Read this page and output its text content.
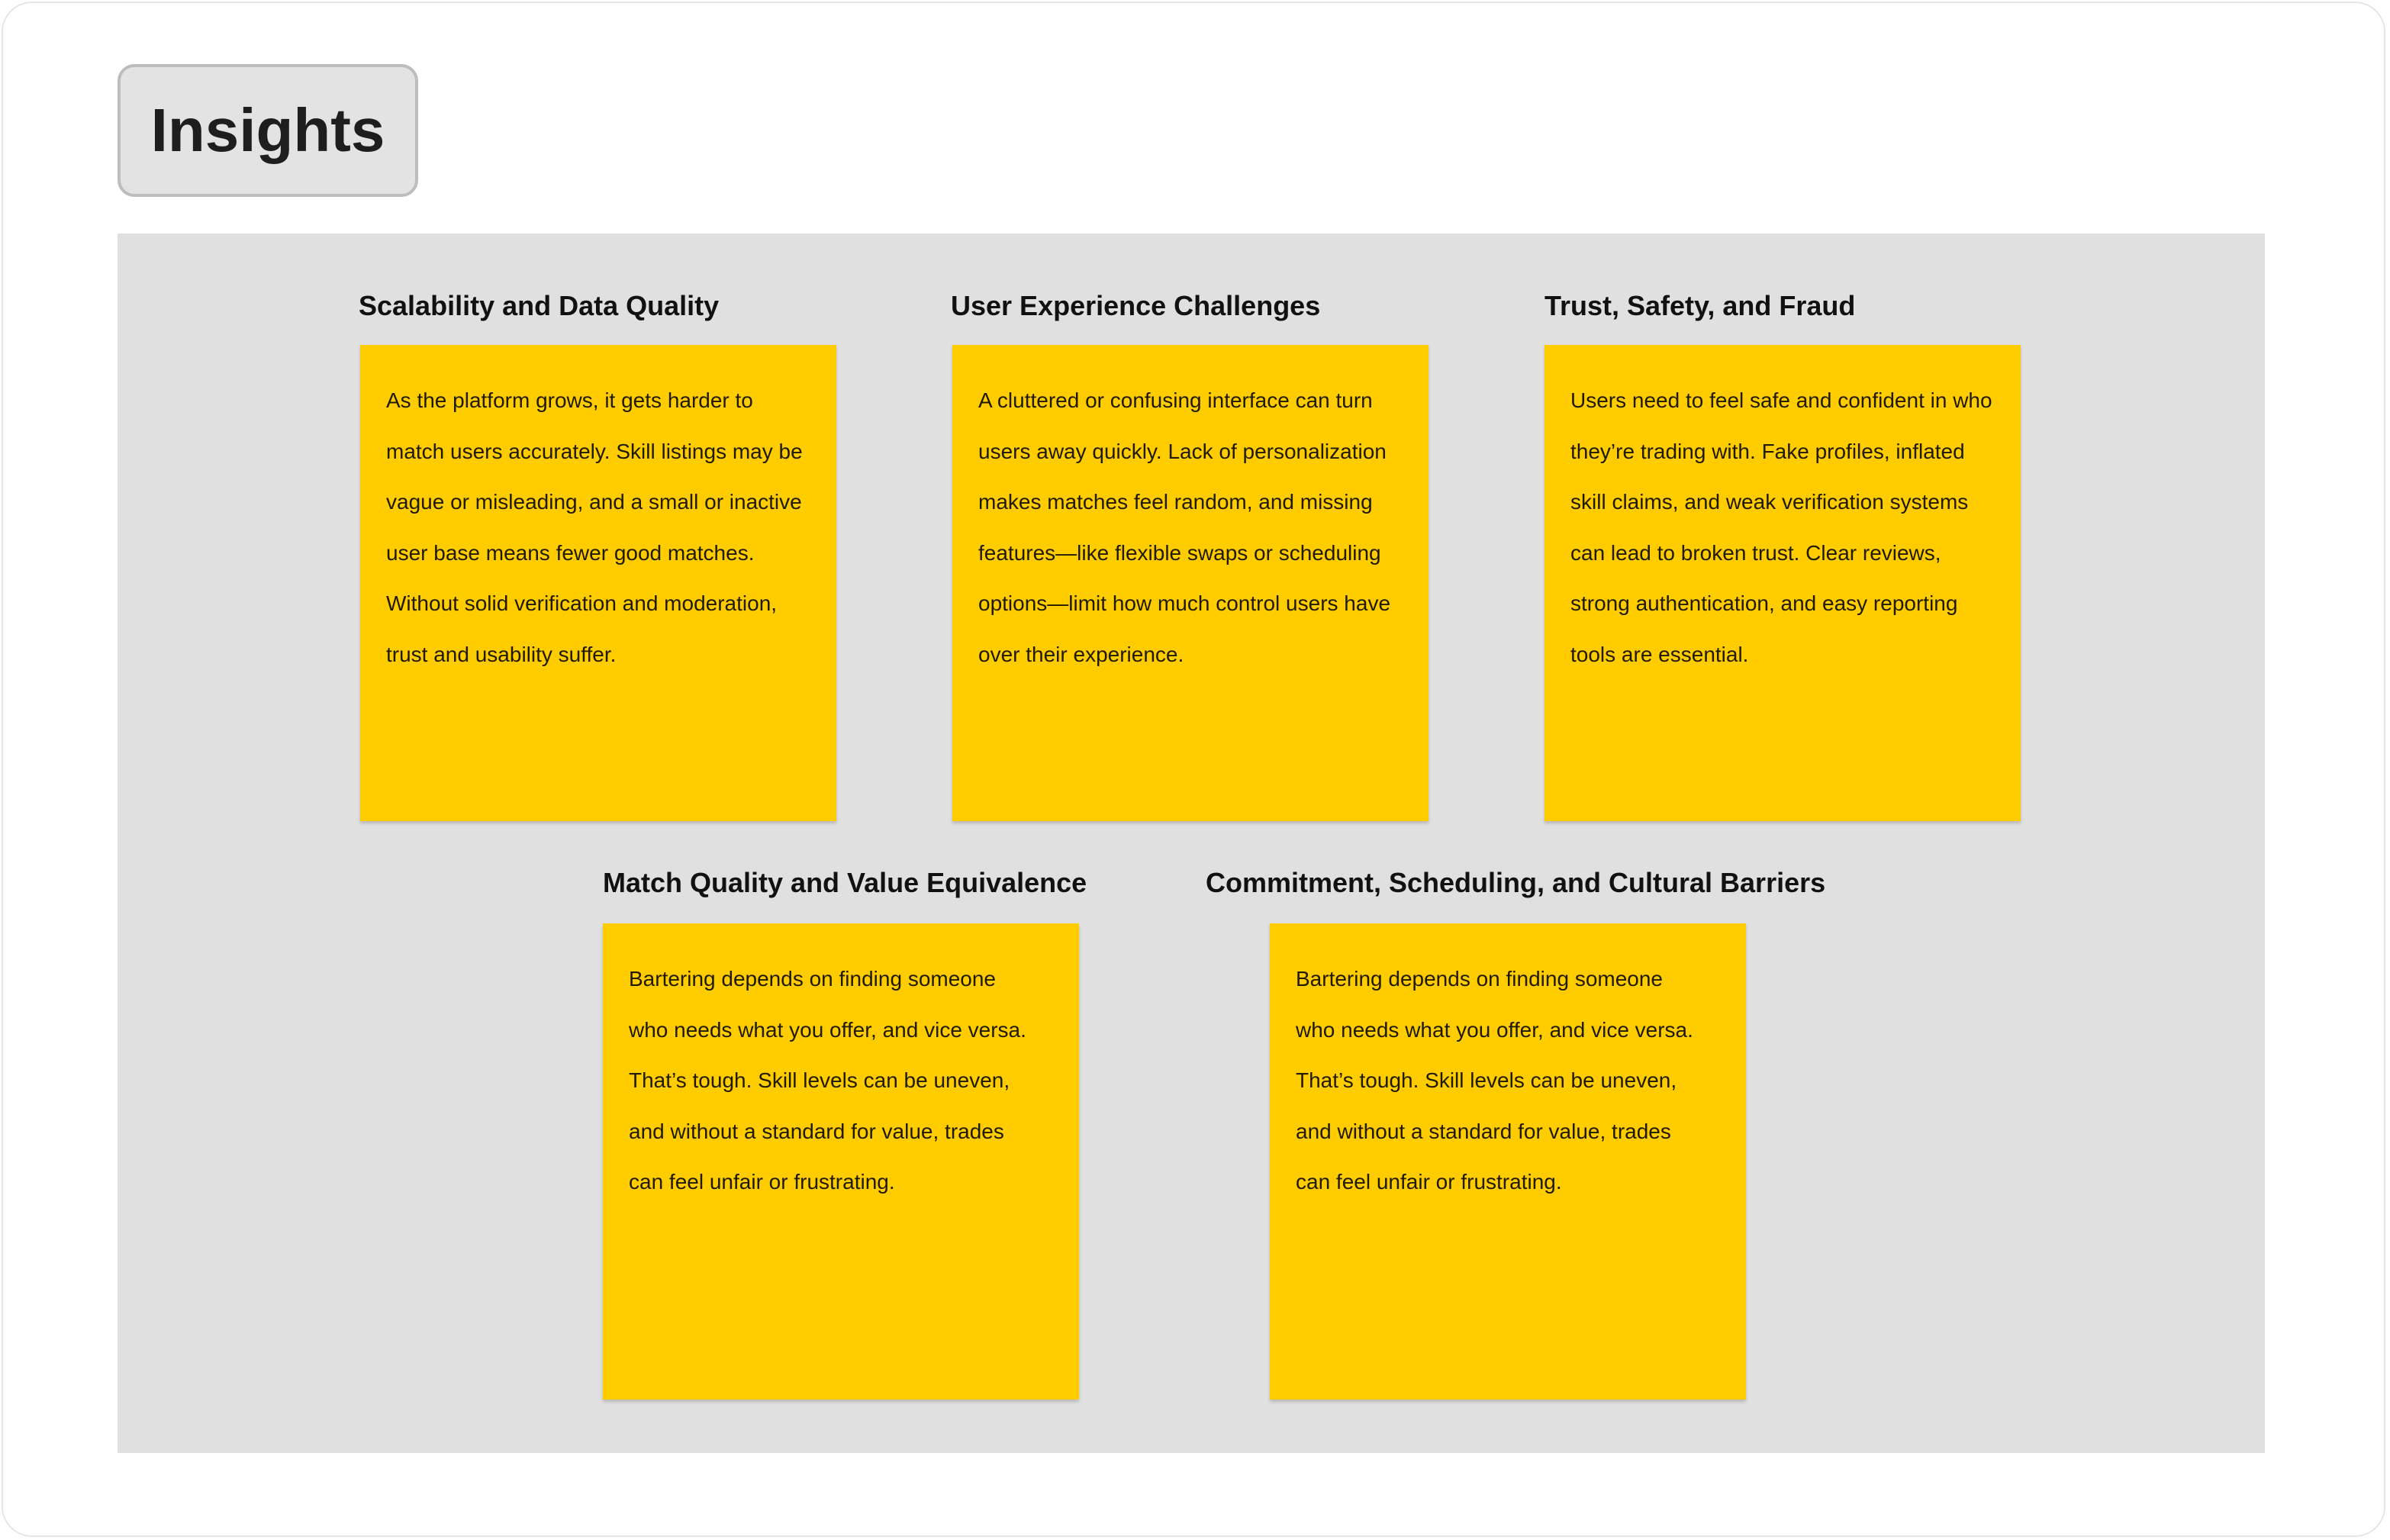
Insights
Scalability and Data Quality

As the platform grows, it gets harder to match users accurately. Skill listings may be vague or misleading, and a small or inactive user base means fewer good matches. Without solid verification and moderation, trust and usability suffer.

User Experience Challenges

A cluttered or confusing interface can turn users away quickly. Lack of personalization makes matches feel random, and missing features—like flexible swaps or scheduling options—limit how much control users have over their experience.

Trust, Safety, and Fraud

Users need to feel safe and confident in who they’re trading with. Fake profiles, inflated skill claims, and weak verification systems can lead to broken trust. Clear reviews, strong authentication, and easy reporting tools are essential.

Match Quality and Value Equivalence

Bartering depends on finding someone who needs what you offer, and vice versa. That’s tough. Skill levels can be uneven, and without a standard for value, trades can feel unfair or frustrating.

Commitment, Scheduling, and Cultural Barriers

Bartering depends on finding someone who needs what you offer, and vice versa. That’s tough. Skill levels can be uneven, and without a standard for value, trades can feel unfair or frustrating.
